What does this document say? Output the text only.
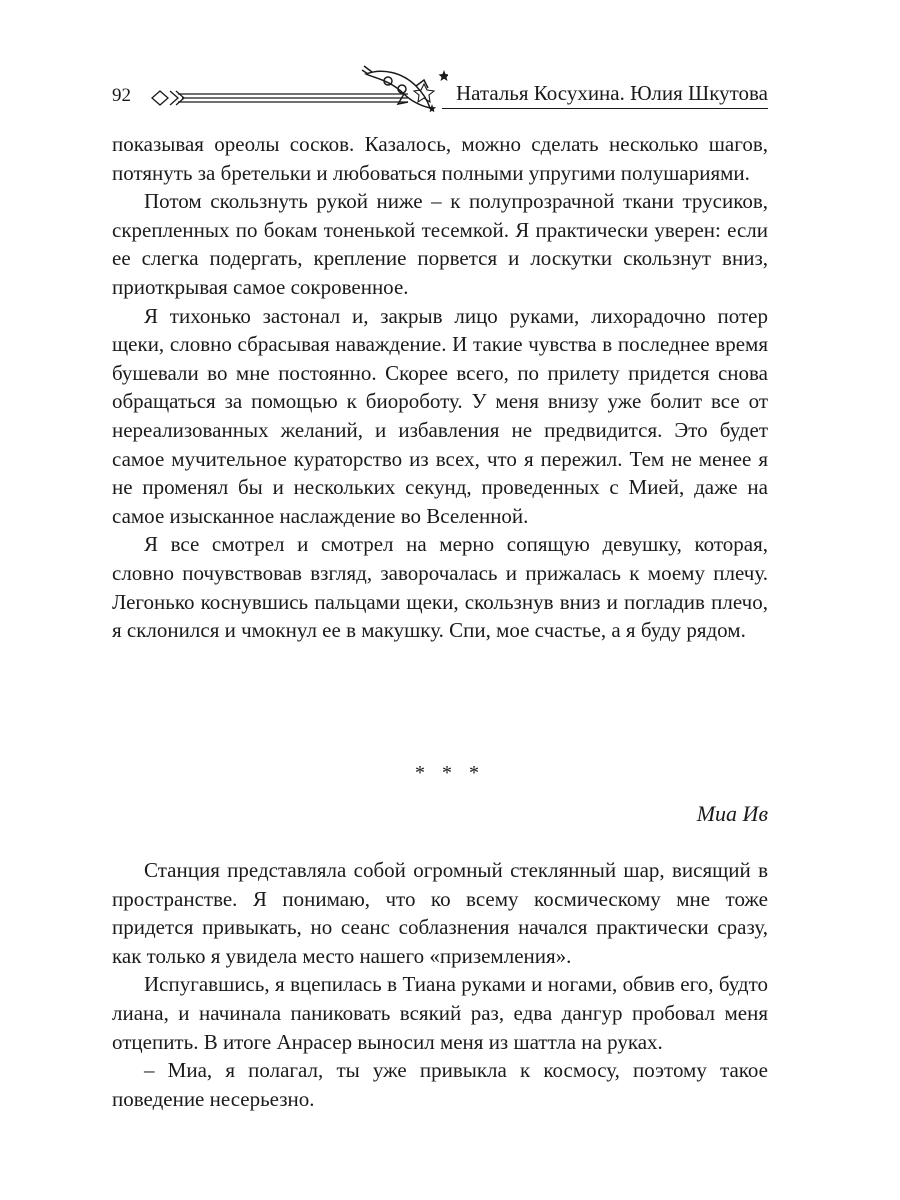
92	Наталья Косухина. Юлия Шкутова

показывая ореолы сосков. Казалось, можно сделать несколько шагов, потянуть за бретельки и любоваться полными упругими полушариями.

Потом скользнуть рукой ниже – к полупрозрачной ткани трусиков, скрепленных по бокам тоненькой тесемкой. Я практически уверен: если ее слегка подергать, крепление порвется и лоскутки скользнут вниз, приоткрывая самое сокровенное.

Я тихонько застонал и, закрыв лицо руками, лихорадочно потер щеки, словно сбрасывая наваждение. И такие чувства в последнее время бушевали во мне постоянно. Скорее всего, по прилету придется снова обращаться за помощью к биороботу. У меня внизу уже болит все от нереализованных желаний, и избавления не предвидится. Это будет самое мучительное кураторство из всех, что я пережил. Тем не менее я не променял бы и нескольких секунд, проведенных с Мией, даже на самое изысканное наслаждение во Вселенной.

Я все смотрел и смотрел на мерно сопящую девушку, которая, словно почувствовав взгляд, заворочалась и прижалась к моему плечу. Легонько коснувшись пальцами щеки, скользнув вниз и погладив плечо, я склонился и чмокнул ее в макушку. Спи, мое счастье, а я буду рядом.

* * *
Миа Ив

Станция представляла собой огромный стеклянный шар, висящий в пространстве. Я понимаю, что ко всему космическому мне тоже придется привыкать, но сеанс соблазнения начался практически сразу, как только я увидела место нашего «приземления».

Испугавшись, я вцепилась в Тиана руками и ногами, обвив его, будто лиана, и начинала паниковать всякий раз, едва дангур пробовал меня отцепить. В итоге Анрасер выносил меня из шаттла на руках.

– Миа, я полагал, ты уже привыкла к космосу, поэтому такое поведение несерьезно.
